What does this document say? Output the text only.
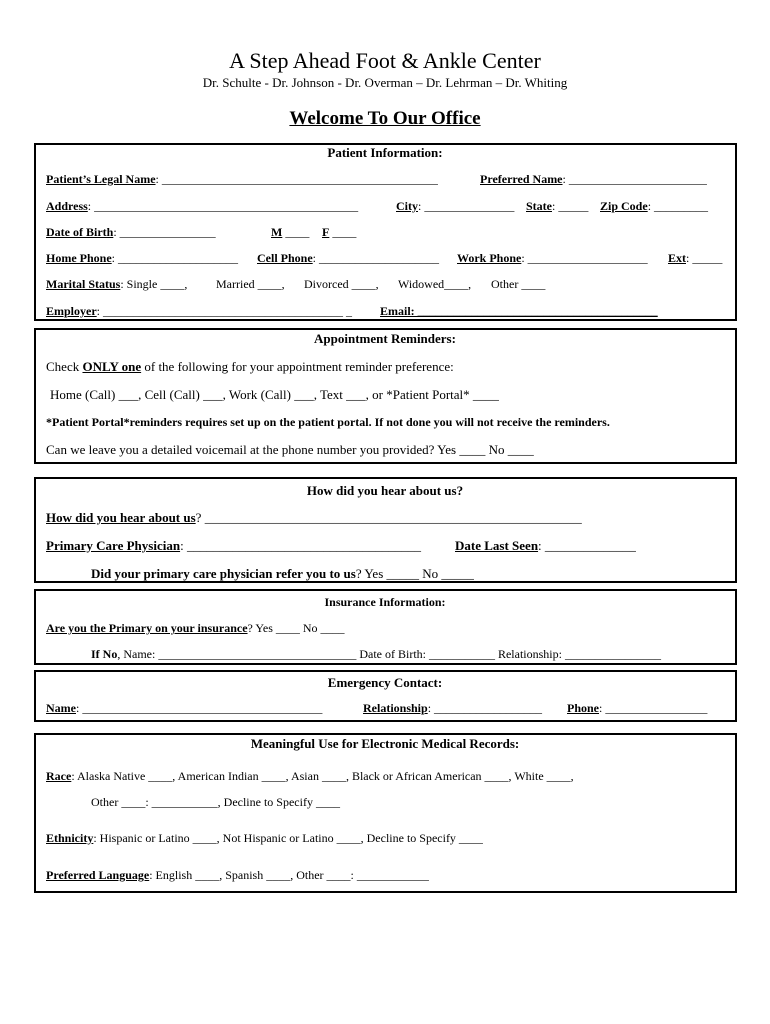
A Step Ahead Foot & Ankle Center
Dr. Schulte - Dr. Johnson - Dr. Overman – Dr. Lehrman – Dr. Whiting
Welcome To Our Office
Patient Information:
Patient’s Legal Name: ______________________________________________	Preferred Name: _______________________
Address: ____________________________________________	City: _______________ State: _____ Zip Code: _________
Date of Birth: ________________	M ____ F ____
Home Phone: ____________________ Cell Phone: ____________________ Work Phone: ____________________ Ext: _____
Marital Status: Single ____, Married ____, Divorced ____, Widowed____, Other ____
Employer: ________________________________________ _ Email: ________________________________________
Appointment Reminders:
Check ONLY one of the following for your appointment reminder preference:
Home (Call) ___, Cell (Call) ___, Work (Call) ___, Text ___, or *Patient Portal* ____
*Patient Portal*reminders requires set up on the patient portal. If not done you will not receive the reminders.
Can we leave you a detailed voicemail at the phone number you provided? Yes ____ No ____
How did you hear about us?
How did you hear about us? __________________________________________________________
Primary Care Physician: ____________________________________	Date Last Seen: ______________
Did your primary care physician refer you to us? Yes _____ No _____
Insurance Information:
Are you the Primary on your insurance? Yes ____ No ____
If No, Name: _________________________________ Date of Birth: ___________ Relationship: ________________
Emergency Contact:
Name: ________________________________________	Relationship: __________________ Phone: _________________
Meaningful Use for Electronic Medical Records:
Race: Alaska Native ____, American Indian ____, Asian ____, Black or African American ____, White ____,
Other ____: ___________, Decline to Specify ____
Ethnicity: Hispanic or Latino ____, Not Hispanic or Latino ____, Decline to Specify ____
Preferred Language: English ____, Spanish ____, Other ____: ____________
